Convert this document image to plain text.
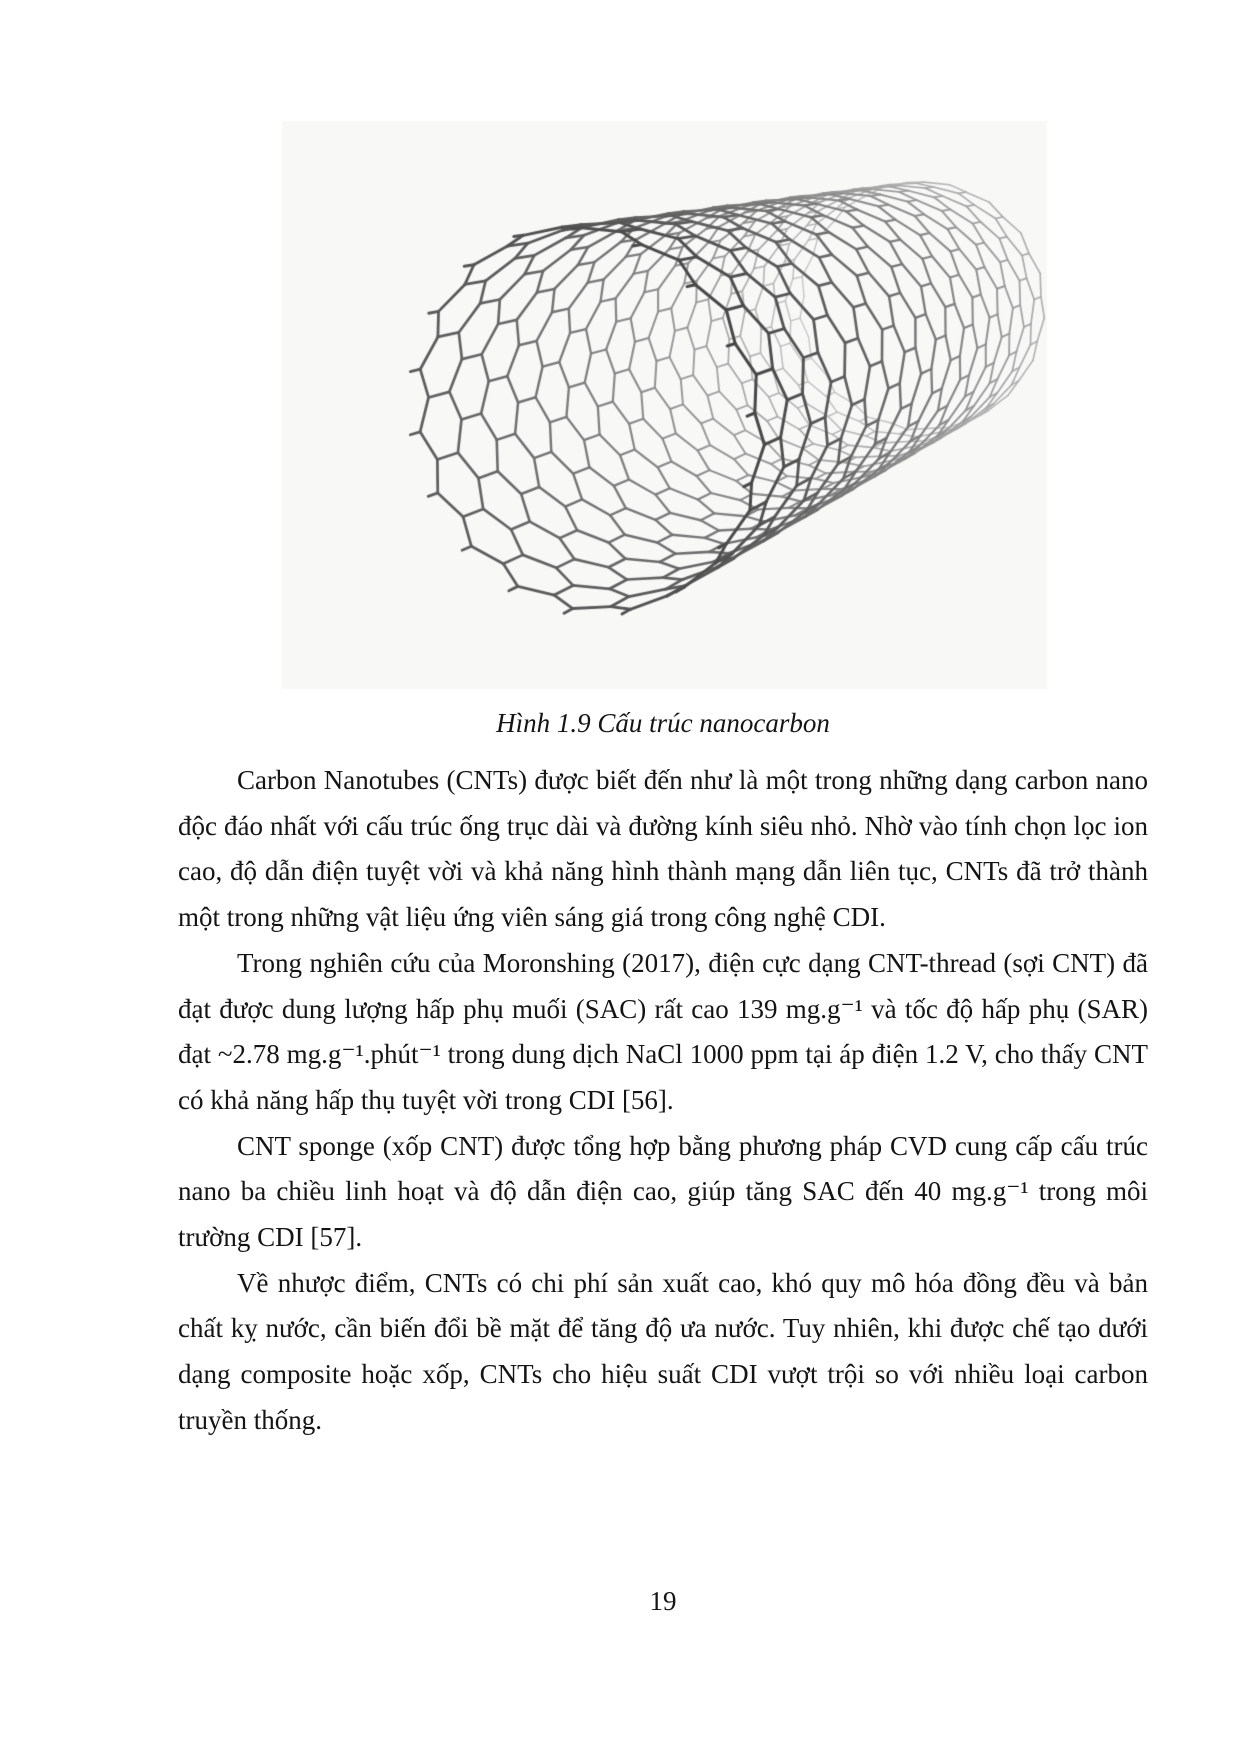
Hình 1.9 Cấu trúc nanocarbon

Carbon Nanotubes (CNTs) được biết đến như là một trong những dạng carbon nano độc đáo nhất với cấu trúc ống trục dài và đường kính siêu nhỏ. Nhờ vào tính chọn lọc ion cao, độ dẫn điện tuyệt vời và khả năng hình thành mạng dẫn liên tục, CNTs đã trở thành một trong những vật liệu ứng viên sáng giá trong công nghệ CDI.

Trong nghiên cứu của Moronshing (2017), điện cực dạng CNT-thread (sợi CNT) đã đạt được dung lượng hấp phụ muối (SAC) rất cao 139 mg.g⁻¹ và tốc độ hấp phụ (SAR) đạt ~2.78 mg.g⁻¹.phút⁻¹ trong dung dịch NaCl 1000 ppm tại áp điện 1.2 V, cho thấy CNT có khả năng hấp thụ tuyệt vời trong CDI [56].

CNT sponge (xốp CNT) được tổng hợp bằng phương pháp CVD cung cấp cấu trúc nano ba chiều linh hoạt và độ dẫn điện cao, giúp tăng SAC đến 40 mg.g⁻¹ trong môi trường CDI [57].

Về nhược điểm, CNTs có chi phí sản xuất cao, khó quy mô hóa đồng đều và bản chất kỵ nước, cần biến đổi bề mặt để tăng độ ưa nước. Tuy nhiên, khi được chế tạo dưới dạng composite hoặc xốp, CNTs cho hiệu suất CDI vượt trội so với nhiều loại carbon truyền thống.

19
